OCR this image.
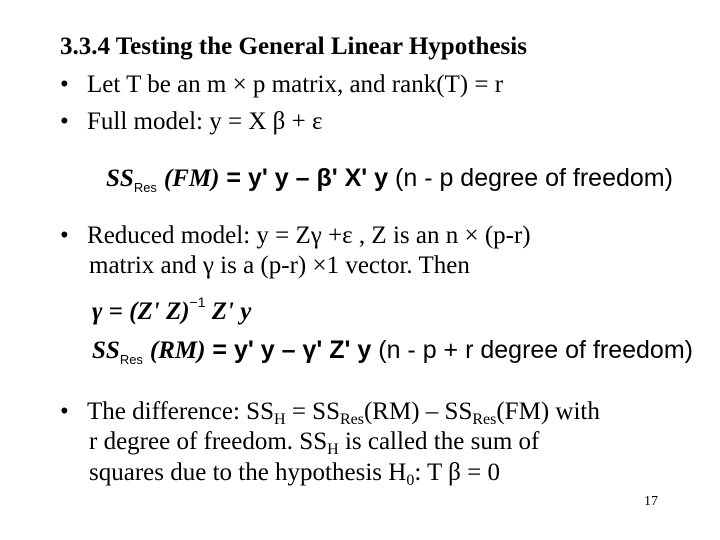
3.3.4 Testing the General Linear Hypothesis
• Let T be an m × p matrix, and rank(T) = r
• Full model: y = X β + ε
$SS_{Res}$ (FM) = y' y – β' X' y (n - p degree of freedom)
• Reduced model: y = Zγ +ε , Z is an n × (p-r)
matrix and γ is a (p-r) ×1 vector. Then
γ = (Z' Z)$^{-1}$ Z' y
$SS_{Res}$ (RM) = y' y – γ' Z' y (n - p + r degree of freedom)
• The difference: $SS_H = SS_{Res}(RM) - SS_{Res}(FM)$ with
r degree of freedom. $SS_H$ is called the sum of
squares due to the hypothesis $H_0$: T β = 0
17
